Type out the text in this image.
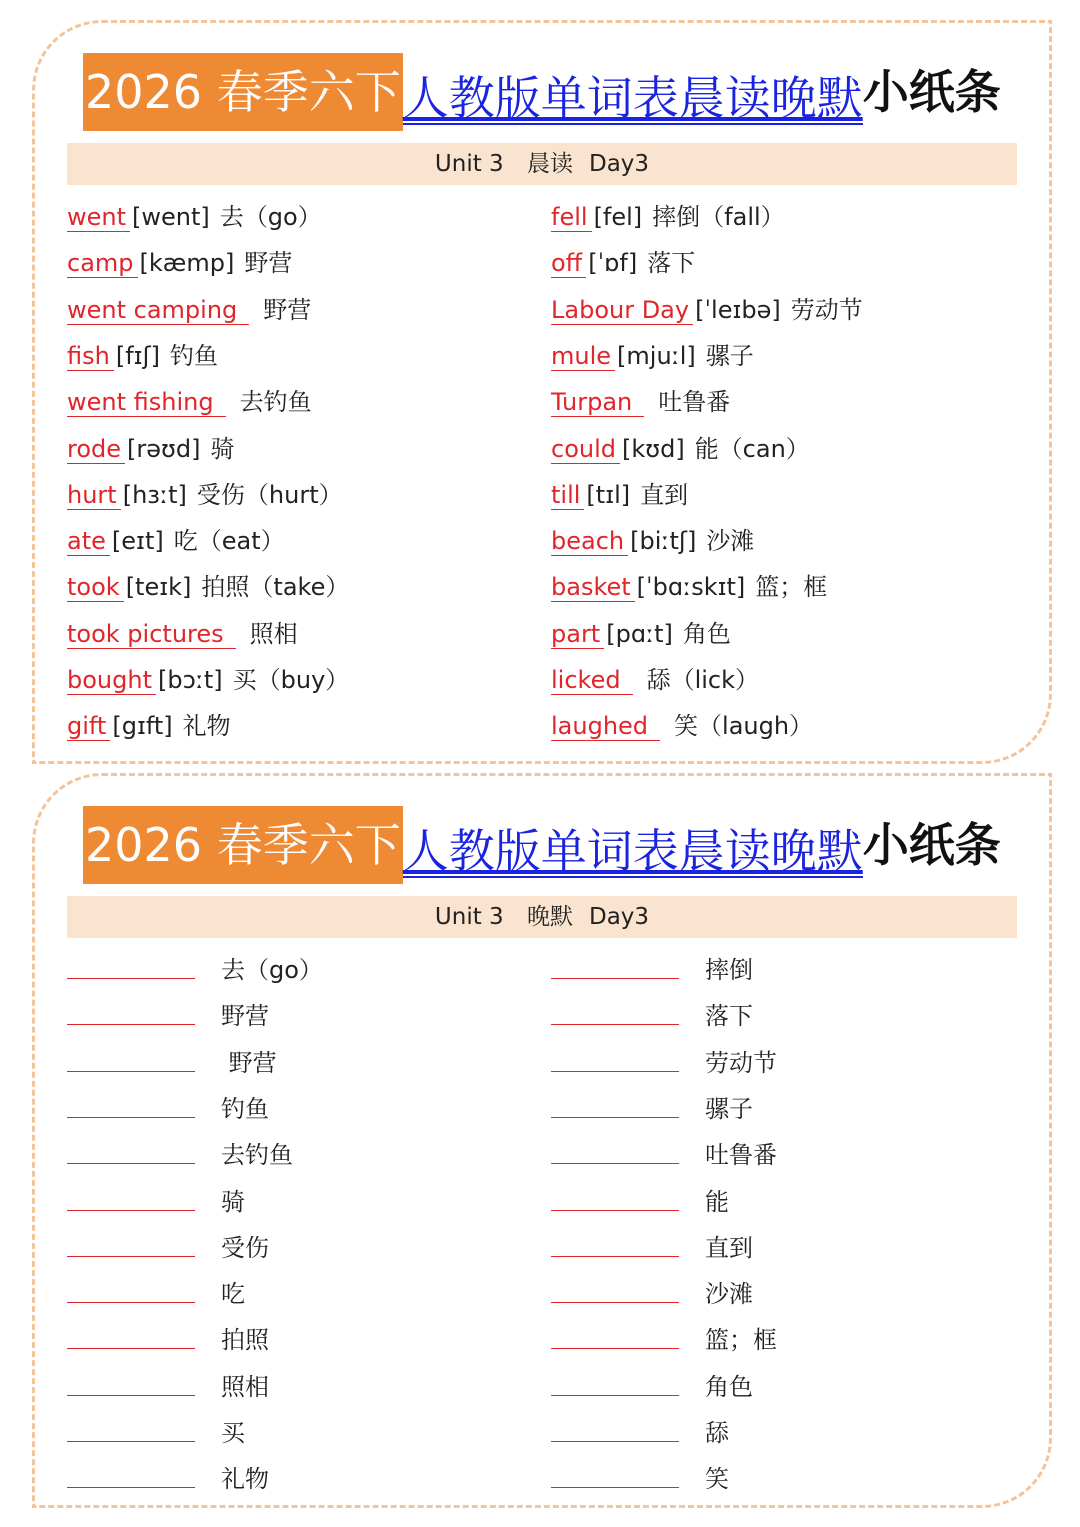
2026 春季六下 人教版单词表晨读晚默 小纸条
Unit 3 晨读 Day3
went [went] 去（go）
camp [kæmp] 野营
went camping 野营
fish [fɪʃ] 钓鱼
went fishing 去钓鱼
rode [rəʊd] 骑
hurt [hɜːt] 受伤（hurt）
ate [eɪt] 吃（eat）
took [teɪk] 拍照（take）
took pictures 照相
bought [bɔːt] 买（buy）
gift [gɪft] 礼物
fell [fel] 摔倒（fall）
off [ˈɒf] 落下
Labour Day [ˈleɪbə] 劳动节
mule [mjuːl] 骡子
Turpan 吐鲁番
could [kʊd] 能（can）
till [tɪl] 直到
beach [biːtʃ] 沙滩
basket [ˈbɑːskɪt] 篮；框
part [pɑːt] 角色
licked 舔（lick）
laughed 笑（laugh）
2026 春季六下 人教版单词表晨读晚默 小纸条
Unit 3 晚默 Day3
去（go）
野营
野营
钓鱼
去钓鱼
骑
受伤
吃
拍照
照相
买
礼物
摔倒
落下
劳动节
骡子
吐鲁番
能
直到
沙滩
篮；框
角色
舔
笑
